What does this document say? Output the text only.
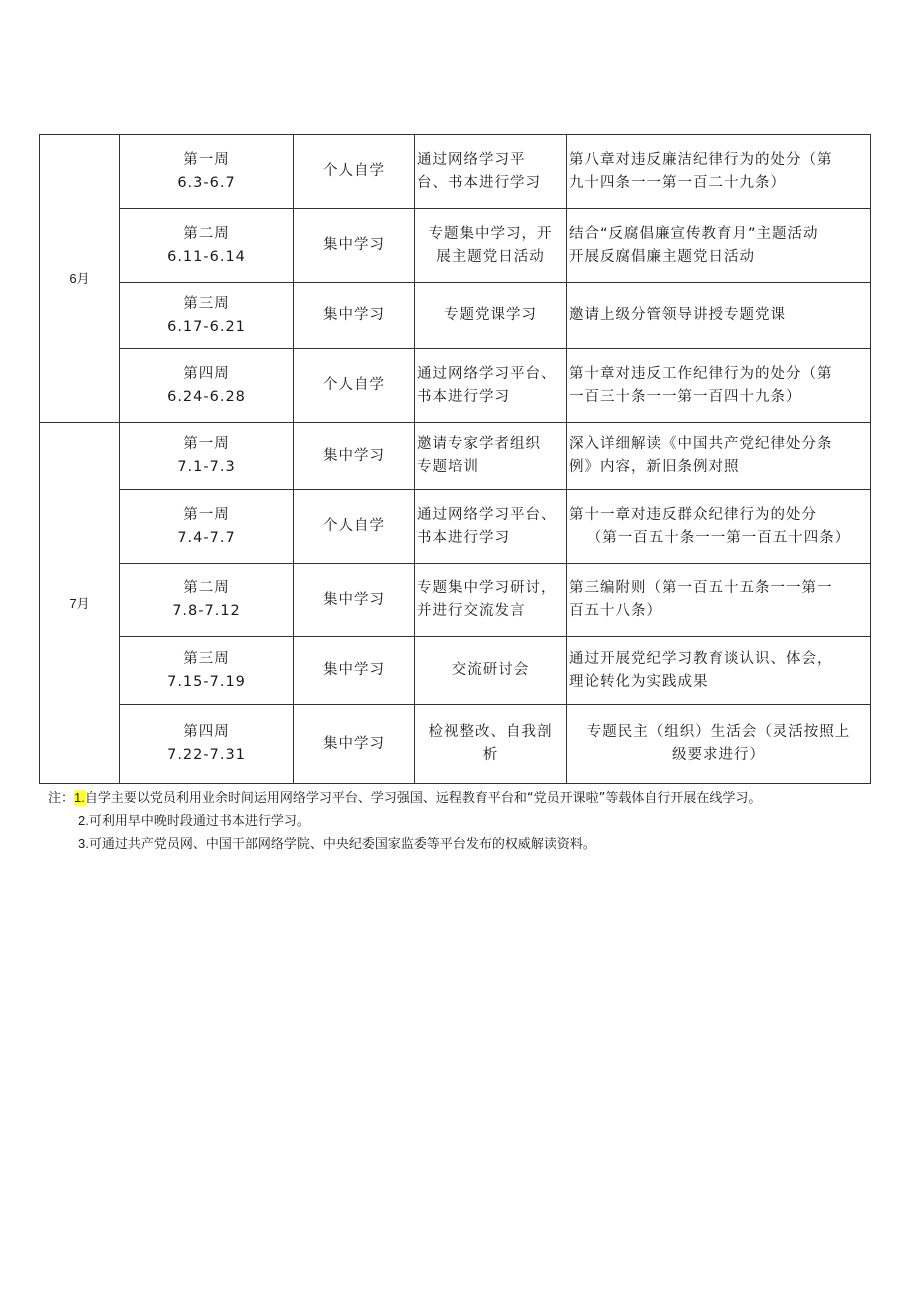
6月	第一周
6.3-6.7	个人自学	通过网络学习平
台、书本进行学习	第八章对违反廉洁纪律行为的处分（第
九十四条一一第一百二十九条）

	第二周
6.11-6.14	集中学习	专题集中学习，开
展主题党日活动	结合“反腐倡廉宣传教育月”主题活动
开展反腐倡廉主题党日活动

	第三周
6.17-6.21	集中学习	专题党课学习	邀请上级分管领导讲授专题党课

	第四周
6.24-6.28	个人自学	通过网络学习平台、
书本进行学习	第十章对违反工作纪律行为的处分（第
一百三十条一一第一百四十九条）

7月	第一周
7.1-7.3	集中学习	邀请专家学者组织
专题培训	深入详细解读《中国共产党纪律处分条
例》内容，新旧条例对照

	第一周
7.4-7.7	个人自学	通过网络学习平台、
书本进行学习	第十一章对违反群众纪律行为的处分
（第一百五十条一一第一百五十四条）

	第二周
7.8-7.12	集中学习	专题集中学习研讨，
并进行交流发言	第三编附则（第一百五十五条一一第一
百五十八条）

	第三周
7.15-7.19	集中学习	交流研讨会	通过开展党纪学习教育谈认识、体会，
理论转化为实践成果

	第四周
7.22-7.31	集中学习	检视整改、自我剖
析	专题民主（组织）生活会（灵活按照上
级要求进行）
注：1.自学主要以党员利用业余时间运用网络学习平台、学习强国、远程教育平台和“党员开课啦”等载体自行开展在线学习。
2.可利用早中晚时段通过书本进行学习。
3.可通过共产党员网、中国干部网络学院、中央纪委国家监委等平台发布的权威解读资料。
